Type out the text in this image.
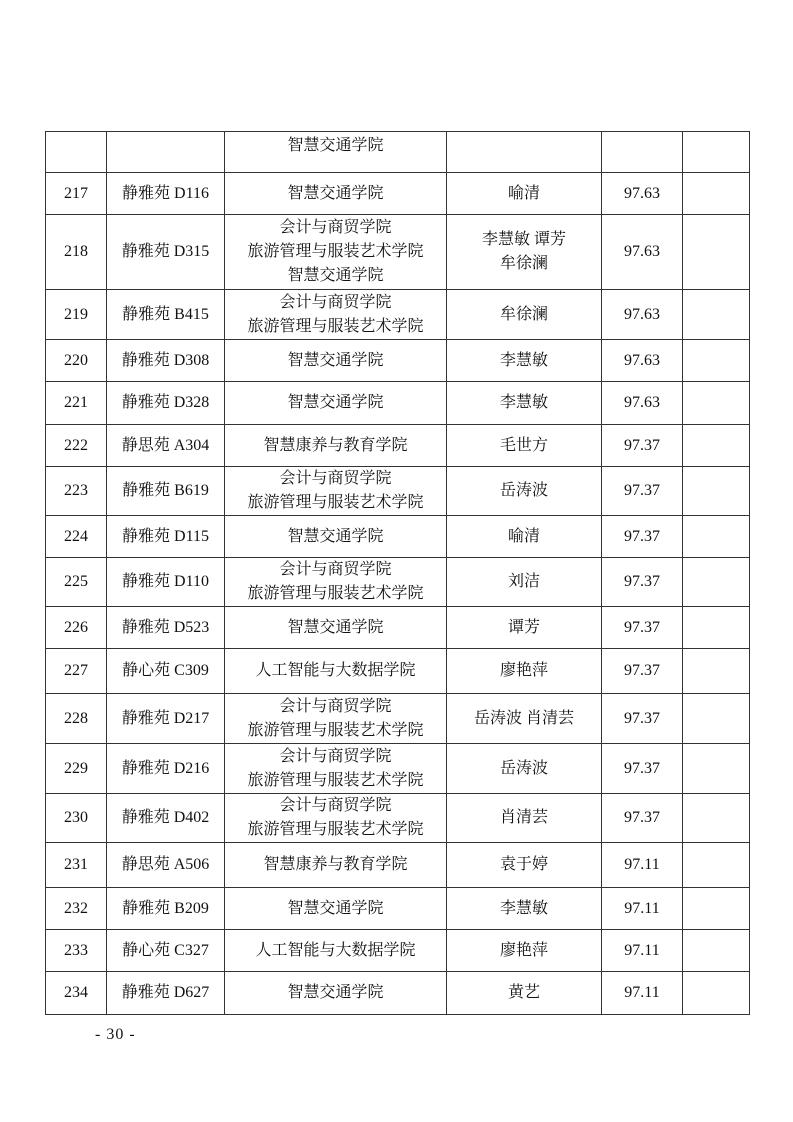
		智慧交通学院			

217	静雅苑 D116	智慧交通学院	喻清	97.63	
218	静雅苑 D315	会计与商贸学院
旅游管理与服装艺术学院
智慧交通学院	李慧敏 谭芳
牟徐澜	97.63	
219	静雅苑 B415	会计与商贸学院
旅游管理与服装艺术学院	牟徐澜	97.63	
220	静雅苑 D308	智慧交通学院	李慧敏	97.63	
221	静雅苑 D328	智慧交通学院	李慧敏	97.63	
222	静思苑 A304	智慧康养与教育学院	毛世方	97.37	
223	静雅苑 B619	会计与商贸学院
旅游管理与服装艺术学院	岳涛波	97.37	
224	静雅苑 D115	智慧交通学院	喻清	97.37	
225	静雅苑 D110	会计与商贸学院
旅游管理与服装艺术学院	刘洁	97.37	
226	静雅苑 D523	智慧交通学院	谭芳	97.37	
227	静心苑 C309	人工智能与大数据学院	廖艳萍	97.37	
228	静雅苑 D217	会计与商贸学院
旅游管理与服装艺术学院	岳涛波 肖清芸	97.37	
229	静雅苑 D216	会计与商贸学院
旅游管理与服装艺术学院	岳涛波	97.37	
230	静雅苑 D402	会计与商贸学院
旅游管理与服装艺术学院	肖清芸	97.37	
231	静思苑 A506	智慧康养与教育学院	袁于婷	97.11	
232	静雅苑 B209	智慧交通学院	李慧敏	97.11	
233	静心苑 C327	人工智能与大数据学院	廖艳萍	97.11	
234	静雅苑 D627	智慧交通学院	黄艺	97.11	
- 30 -
